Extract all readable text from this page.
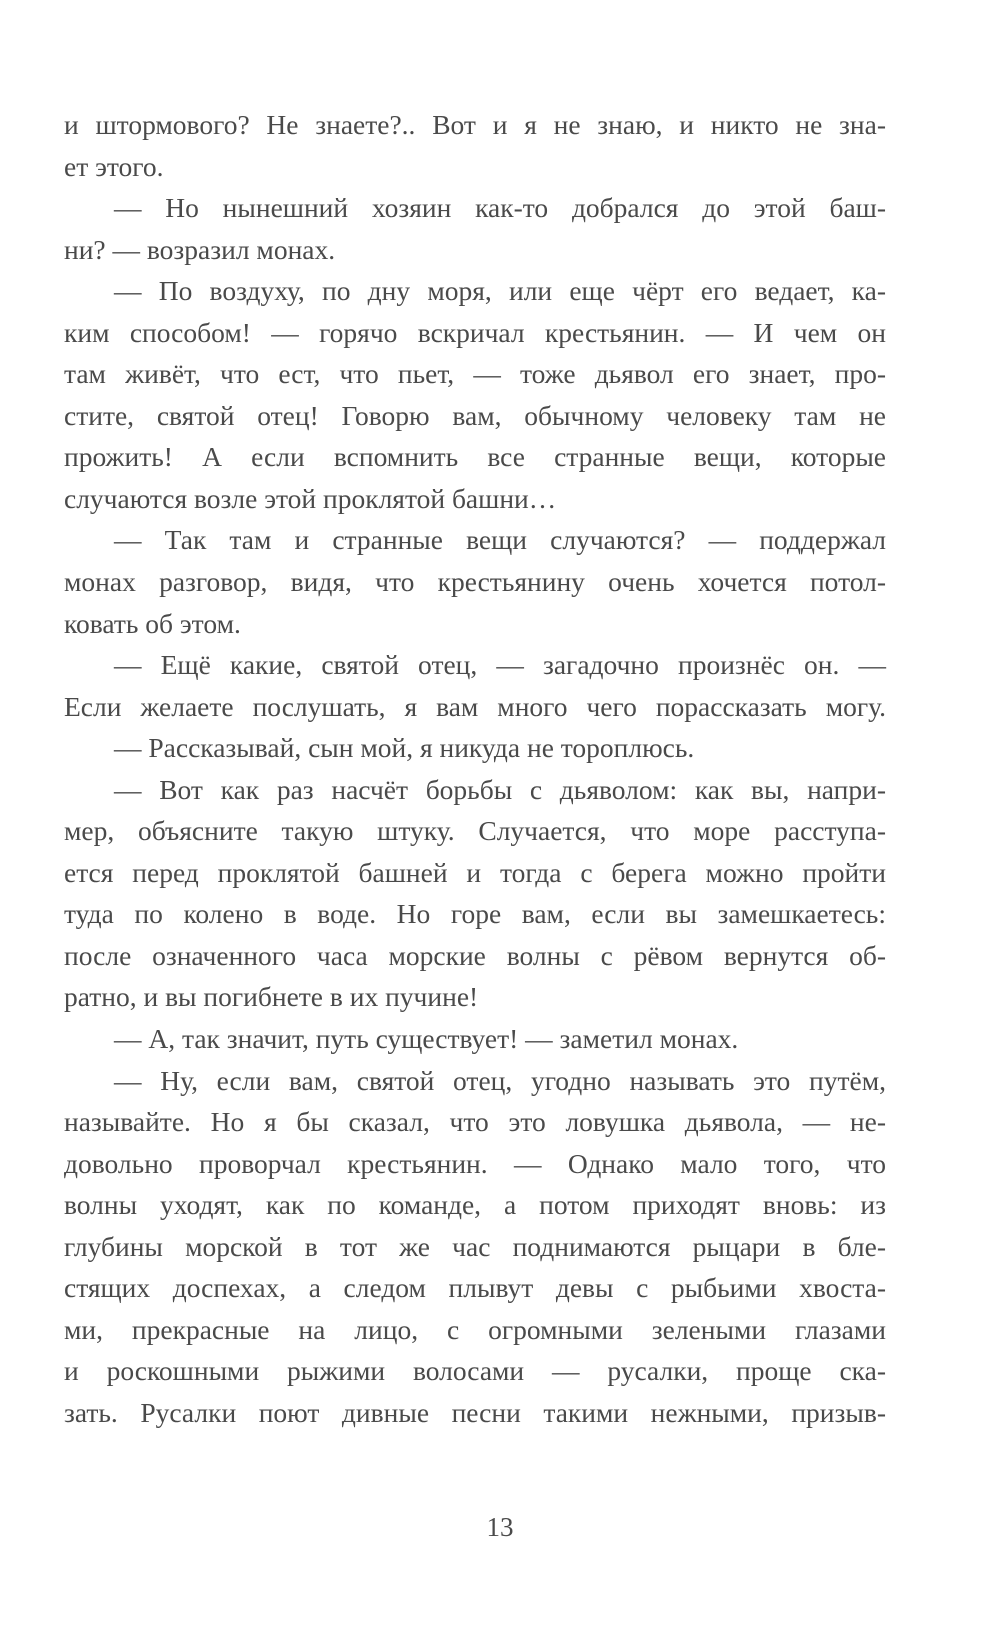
и штормового? Не знаете?.. Вот и я не знаю, и никто не зна-
ет этого.
— Но нынешний хозяин как-то добрался до этой баш-
ни? — возразил монах.
— По воздуху, по дну моря, или еще чёрт его ведает, ка-
ким способом! — горячо вскричал крестьянин. — И чем он
там живёт, что ест, что пьет, — тоже дьявол его знает, про-
стите, святой отец! Говорю вам, обычному человеку там не
прожить! А если вспомнить все странные вещи, которые
случаются возле этой проклятой башни…
— Так там и странные вещи случаются? — поддержал
монах разговор, видя, что крестьянину очень хочется потол-
ковать об этом.
— Ещё какие, святой отец, — загадочно произнёс он. —
Если желаете послушать, я вам много чего порассказать могу.
— Рассказывай, сын мой, я никуда не тороплюсь.
— Вот как раз насчёт борьбы с дьяволом: как вы, напри-
мер, объясните такую штуку. Случается, что море расступа-
ется перед проклятой башней и тогда с берега можно пройти
туда по колено в воде. Но горе вам, если вы замешкаетесь:
после означенного часа морские волны с рёвом вернутся об-
ратно, и вы погибнете в их пучине!
— А, так значит, путь существует! — заметил монах.
— Ну, если вам, святой отец, угодно называть это путём,
называйте. Но я бы сказал, что это ловушка дьявола, — не-
довольно проворчал крестьянин. — Однако мало того, что
волны уходят, как по команде, а потом приходят вновь: из
глубины морской в тот же час поднимаются рыцари в бле-
стящих доспехах, а следом плывут девы с рыбьими хвоста-
ми, прекрасные на лицо, с огромными зелеными глазами
и роскошными рыжими волосами — русалки, проще ска-
зать. Русалки поют дивные песни такими нежными, призыв-
13
